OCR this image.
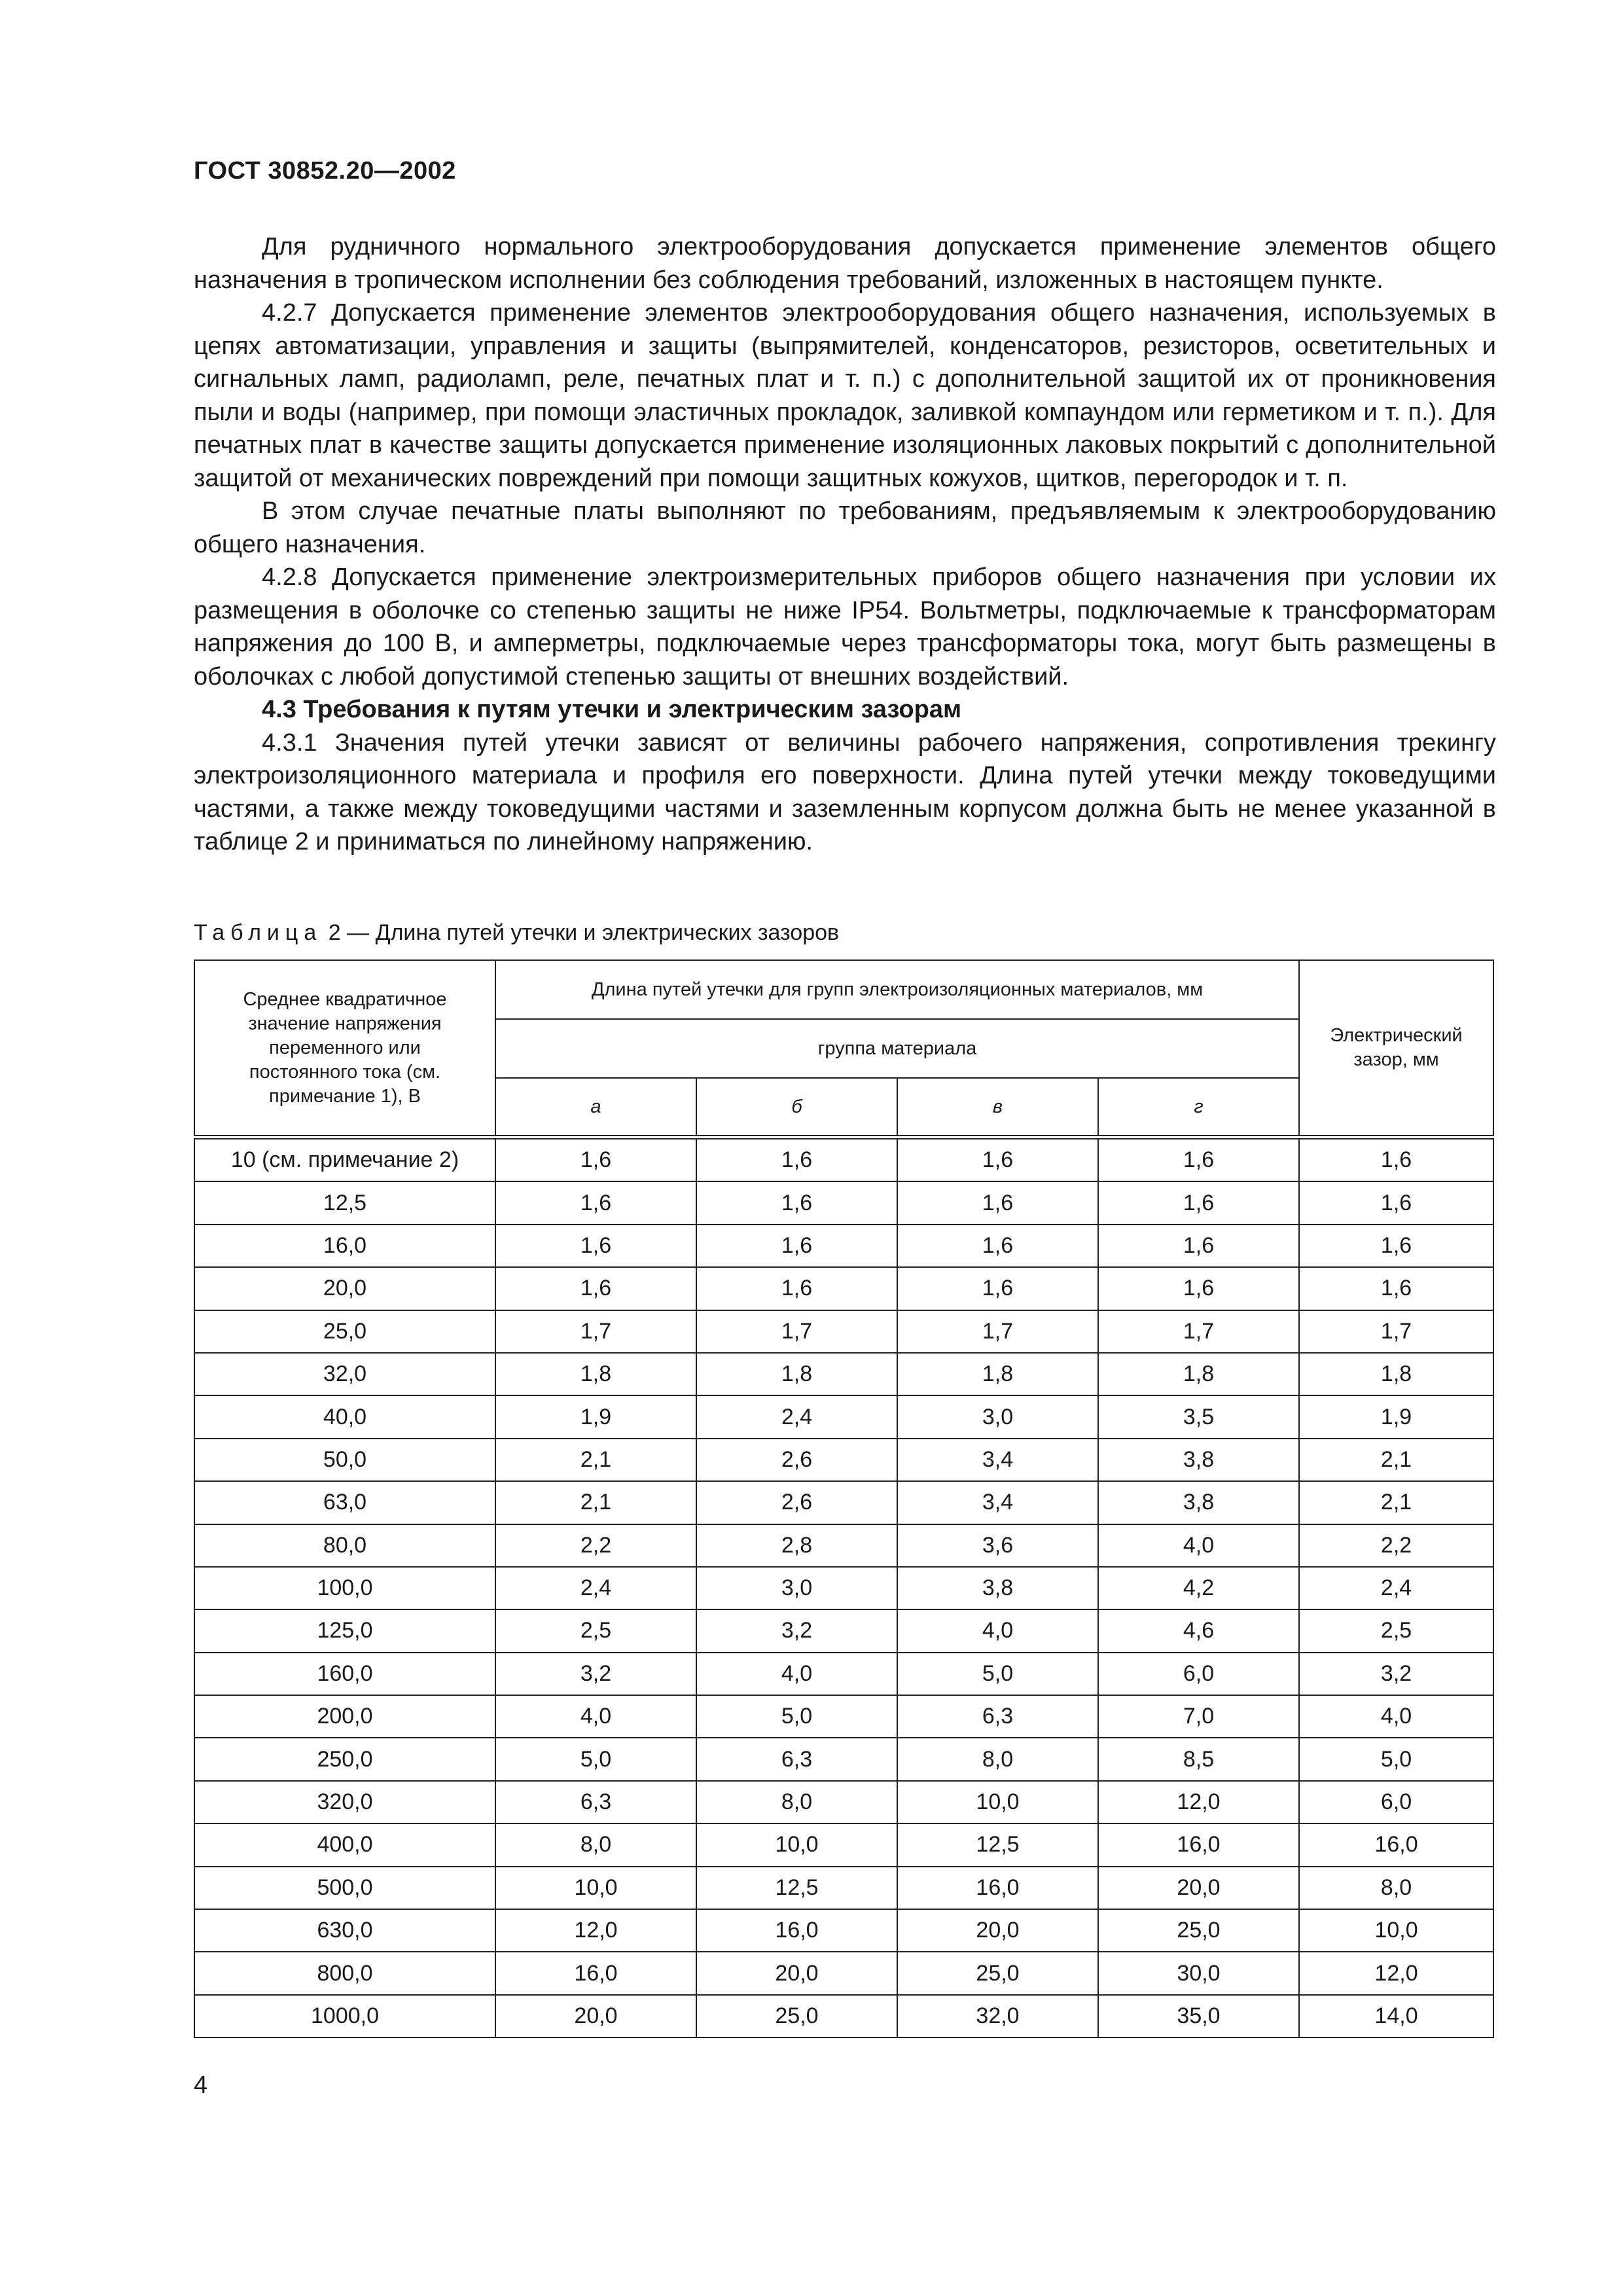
ГОСТ 30852.20—2002

Для рудничного нормального электрооборудования допускается применение элементов общего назначения в тропическом исполнении без соблюдения требований, изложенных в настоящем пункте.

4.2.7 Допускается применение элементов электрооборудования общего назначения, используемых в цепях автоматизации, управления и защиты (выпрямителей, конденсаторов, резисторов, осветительных и сигнальных ламп, радиоламп, реле, печатных плат и т. п.) с дополнительной защитой их от проникновения пыли и воды (например, при помощи эластичных прокладок, заливкой компаундом или герметиком и т. п.). Для печатных плат в качестве защиты допускается применение изоляционных лаковых покрытий с дополнительной защитой от механических повреждений при помощи защитных кожухов, щитков, перегородок и т. п.

В этом случае печатные платы выполняют по требованиям, предъявляемым к электрооборудованию общего назначения.

4.2.8 Допускается применение электроизмерительных приборов общего назначения при условии их размещения в оболочке со степенью защиты не ниже IP54. Вольтметры, подключаемые к трансформаторам напряжения до 100 В, и амперметры, подключаемые через трансформаторы тока, могут быть размещены в оболочках с любой допустимой степенью защиты от внешних воздействий.

4.3 Требования к путям утечки и электрическим зазорам

4.3.1 Значения путей утечки зависят от величины рабочего напряжения, сопротивления трекингу электроизоляционного материала и профиля его поверхности. Длина путей утечки между токоведущими частями, а также между токоведущими частями и заземленным корпусом должна быть не менее указанной в таблице 2 и приниматься по линейному напряжению.

Таблица 2 — Длина путей утечки и электрических зазоров
Среднее квадратичное значение напряжения переменного или постоянного тока (см. примечание 1), В	Длина путей утечки для групп электроизоляционных материалов, мм				Электрический зазор, мм
	группа материала				
	а	б	в	г	
10 (см. примечание 2)	1,6	1,6	1,6	1,6	1,6
12,5	1,6	1,6	1,6	1,6	1,6
16,0	1,6	1,6	1,6	1,6	1,6
20,0	1,6	1,6	1,6	1,6	1,6
25,0	1,7	1,7	1,7	1,7	1,7
32,0	1,8	1,8	1,8	1,8	1,8
40,0	1,9	2,4	3,0	3,5	1,9
50,0	2,1	2,6	3,4	3,8	2,1
63,0	2,1	2,6	3,4	3,8	2,1
80,0	2,2	2,8	3,6	4,0	2,2
100,0	2,4	3,0	3,8	4,2	2,4
125,0	2,5	3,2	4,0	4,6	2,5
160,0	3,2	4,0	5,0	6,0	3,2
200,0	4,0	5,0	6,3	7,0	4,0
250,0	5,0	6,3	8,0	8,5	5,0
320,0	6,3	8,0	10,0	12,0	6,0
400,0	8,0	10,0	12,5	16,0	16,0
500,0	10,0	12,5	16,0	20,0	8,0
630,0	12,0	16,0	20,0	25,0	10,0
800,0	16,0	20,0	25,0	30,0	12,0
1000,0	20,0	25,0	32,0	35,0	14,0
4
